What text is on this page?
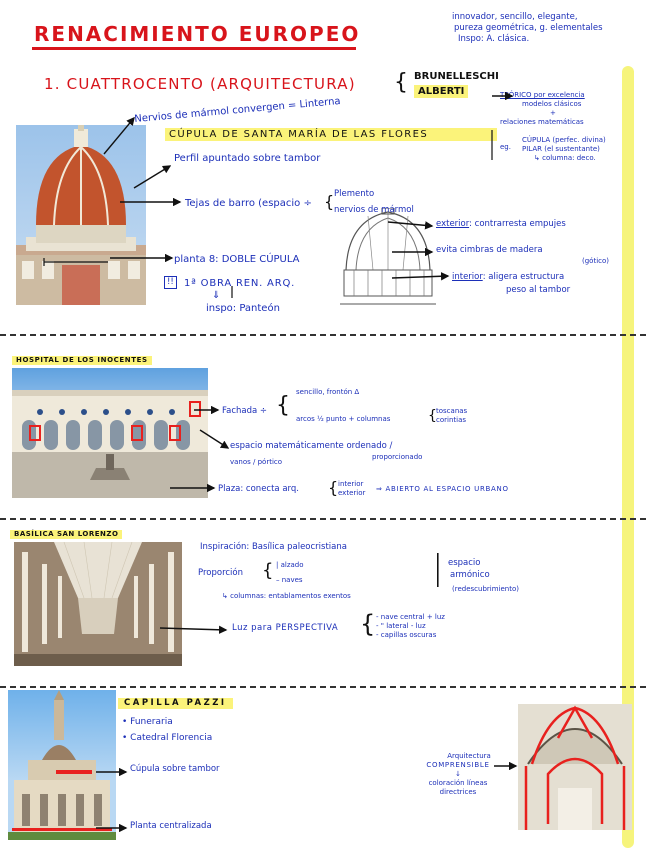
RENACIMIENTO EUROPEO
innovador, sencillo, elegante,
pureza geométrica, g. elementales
Inspo: A. clásica.
1. CUATTROCENTO (ARQUITECTURA) { BRUNELLESCHI
ALBERTI	TEÓRICO por excelencia
modelos clásicos
+
relaciones matemáticas
eg.
CÚPULA (perfec. divina)
PILAR (el sustentante)
↳ columna: deco.
Nervios de mármol convergen = Linterna
CÚPULA DE SANTA MARÍA DE LAS FLORES
Perfil apuntado sobre tambor
Tejas de barro (espacio ÷ { Plemento
nervios de mármol
exterior: contrarresta empujes
evita cimbras de madera
(gótico)
interior: aligera estructura
peso al tambor
planta 8: DOBLE CÚPULA
!!	1ª OBRA REN. ARQ.
⇓
inspo: Panteón
HOSPITAL DE LOS INOCENTES
Fachada ÷ {
sencillo, frontón Δ
arcos ½ punto + columnas	{ toscanas
corintias
espacio matemáticamente ordenado /
proporcionado
vanos / pórtico
Plaza: conecta arq. { interior
exterior ⇒ ABIERTO AL ESPACIO URBANO
BASÍLICA SAN LORENZO
Inspiración: Basílica paleocristiana
Proporción { | alzado
– naves
↳ columnas: entablamentos exentos
| espacio
armónico
(redescubrimiento)
Luz para PERSPECTIVA { - nave central + luz
- " lateral - luz
- capillas oscuras
CAPILLA PAZZI
• Funeraria
• Catedral Florencia
Cúpula sobre tambor
Planta centralizada
Arquitectura
COMPRENSIBLE
↓
coloración líneas
directrices
